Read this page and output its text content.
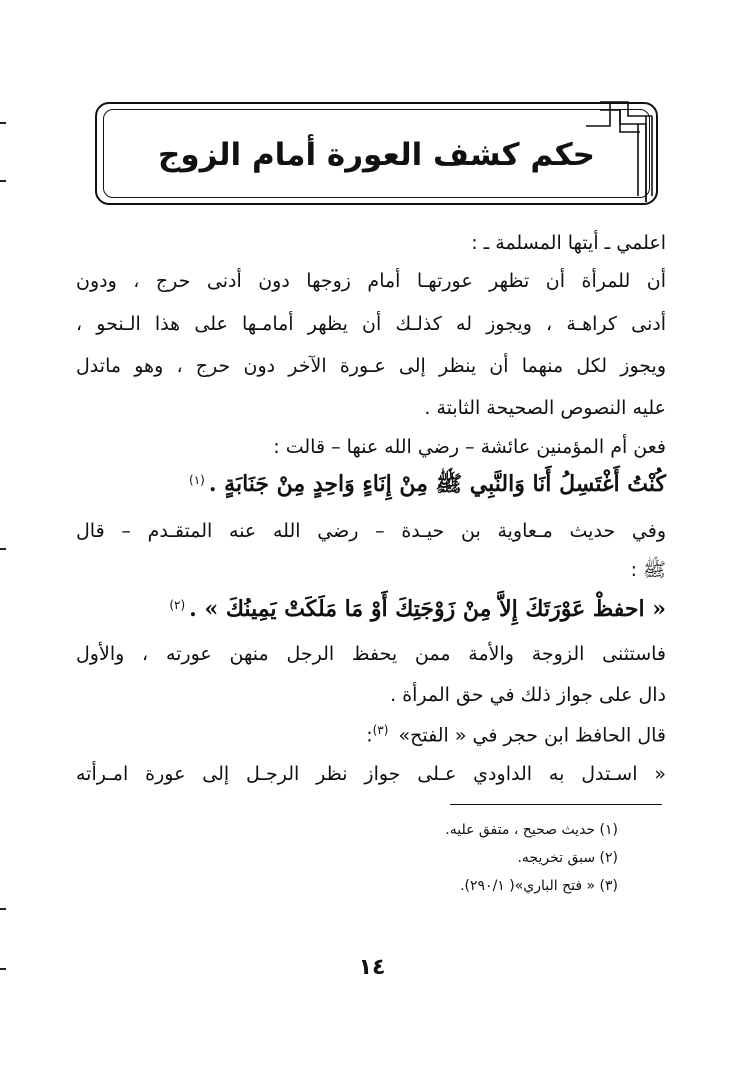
حكم كشف العورة أمام الزوج
اعلمي ـ أيتها المسلمة ـ :
أن للمرأة أن تظهر عورتهـا أمام زوجها دون أدنى حرج ، ودون
أدنى كراهـة ، ويجوز له كذلـك أن يظهر أمامـها على هذا الـنحو ،
ويجوز لكل منهما أن ينظر إلى عـورة الآخر دون حرج ، وهو ماتدل
عليه النصوص الصحيحة الثابتة .
فعن أم المؤمنين عائشة – رضي الله عنها – قالت :
كُنْتُ أَغْتَسِلُ أَنَا وَالنَّبِي ﷺ مِنْ إِنَاءٍ وَاحِدٍ مِنْ جَنَابَةٍ .$^{(١)}$
وفي حديث مـعاوية بن حيـدة – رضي الله عنه المتقـدم – قال
ﷺ :
« احفظْ عَوْرَتَكَ إِلاَّ مِنْ زَوْجَتِكَ أَوْ مَا مَلَكَتْ يَمِينُكَ » .$^{(٢)}$
فاستثنى الزوجة والأمة ممن يحفظ الرجل منهن عورته ، والأول
دال على جواز ذلك في حق المرأة .
قال الحافظ ابن حجر في « الفتح» $^{(٣)}$:
« اسـتدل به الداودي عـلى جواز نظر الرجـل إلى عورة امـرأته
(١) حديث صحيح ، متفق عليه.
(٢) سبق تخريجه.
(٣) « فتح الباري»( ٢٩٠/١).
١٤
